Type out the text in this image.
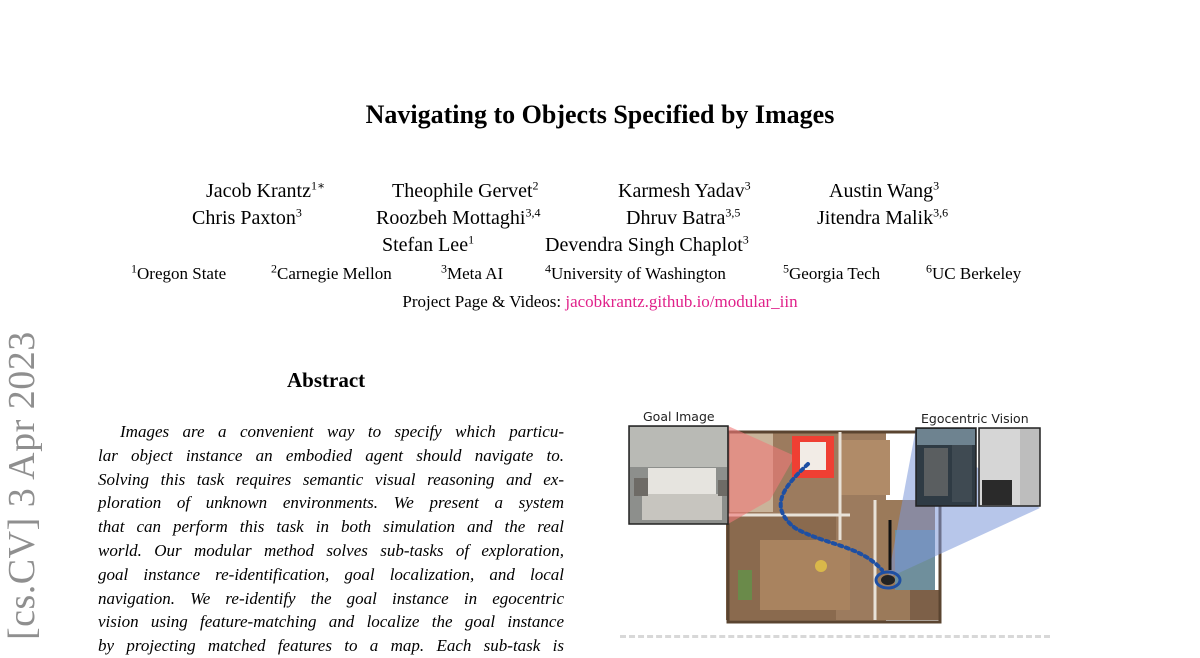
Navigating to Objects Specified by Images
Jacob Krantz$^{1∗}$	Theophile Gervet$^2$	Karmesh Yadav$^3$	Austin Wang$^3$
Chris Paxton$^3$	Roozbeh Mottaghi$^{3,4}$	Dhruv Batra$^{3,5}$	Jitendra Malik$^{3,6}$
Stefan Lee$^1$	Devendra Singh Chaplot$^3$
$^1$Oregon State	$^2$Carnegie Mellon	$^3$Meta AI	$^4$University of Washington	$^5$Georgia Tech	$^6$UC Berkeley
Project Page & Videos: jacobkrantz.github.io/modular_iin
[cs.CV] 3 Apr 2023	Abstract
Images are a convenient way to specify which particu-
lar object instance an embodied agent should navigate to.
Solving this task requires semantic visual reasoning and ex-
ploration of unknown environments. We present a system
that can perform this task in both simulation and the real
world. Our modular method solves sub-tasks of exploration,
goal instance re-identification, goal localization, and local
navigation. We re-identify the goal instance in egocentric
vision using feature-matching and localize the goal instance
by projecting matched features to a map. Each sub-task is
Goal Image	Egocentric Vision
